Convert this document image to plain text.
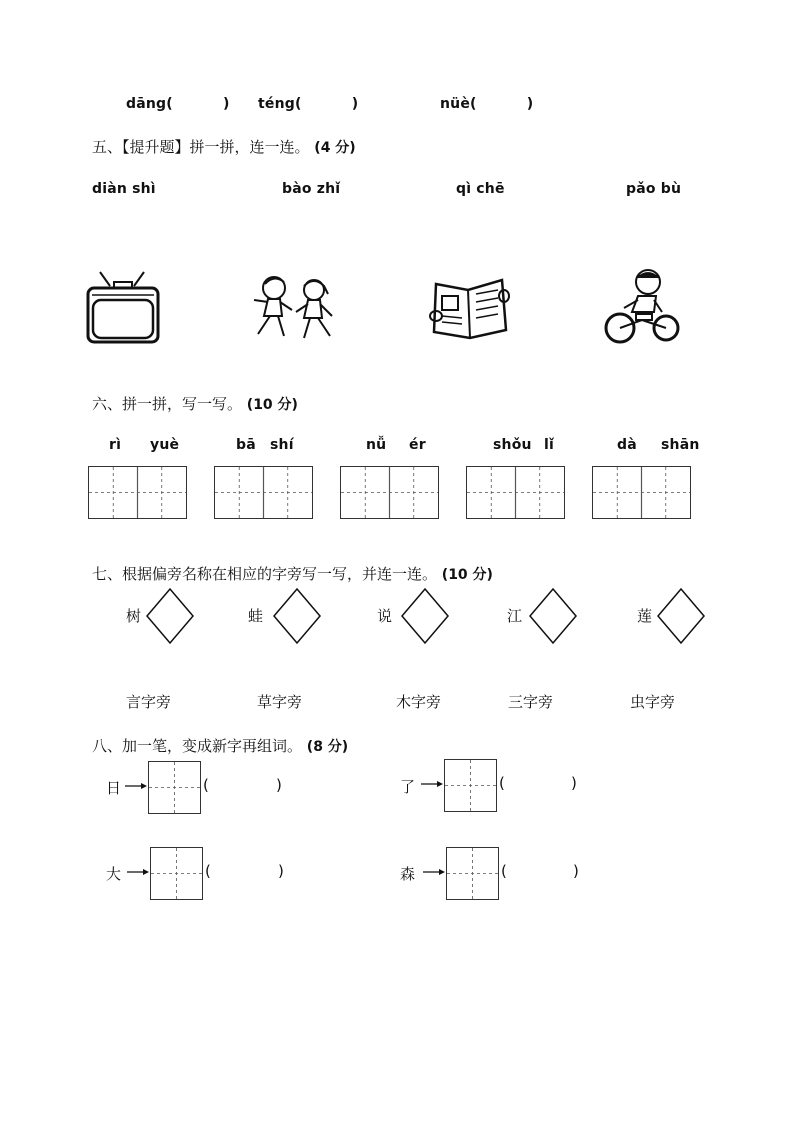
dāng(	) téng(	)	nüè(	)
五、【提升题】拼一拼，连一连。 (4 分)
diàn shì	bào zhǐ	qì chē	pǎo bù
六、拼一拼，写一写。 (10 分)
rì yuè	bā shí	nǚ ér	shǒu lǐ	dà shān
七、根据偏旁名称在相应的字旁写一写，并连一连。 (10 分)
树	蛙	说	江	莲
言字旁	草字旁	木字旁	三字旁	虫字旁
八、加一笔，变成新字再组词。 (8 分)
日	(	)	了	(	)
大	(	)	森	(	)
